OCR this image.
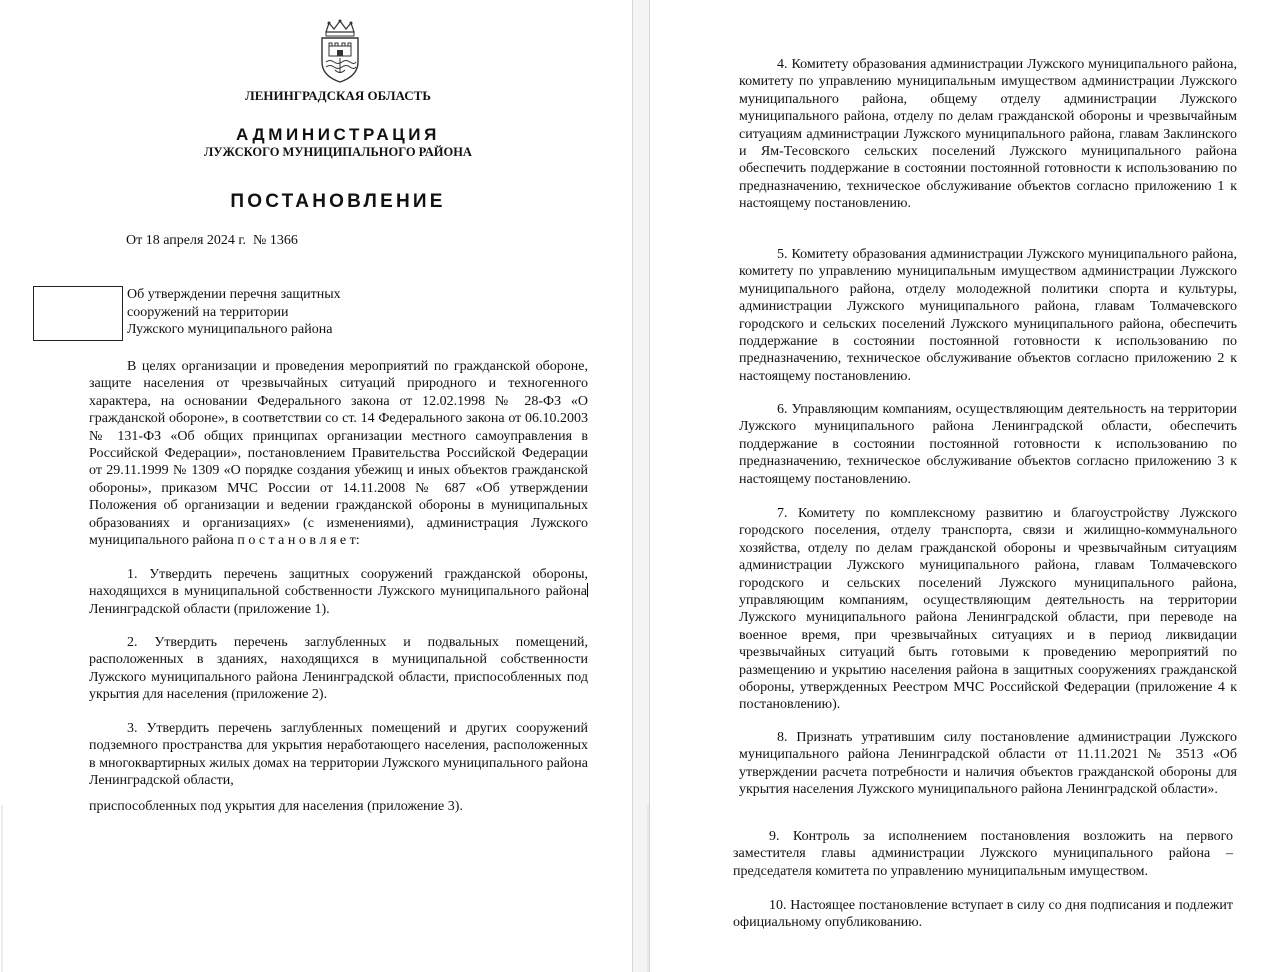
ЛЕНИНГРАДСКАЯ ОБЛАСТЬ
АДМИНИСТРАЦИЯ
ЛУЖСКОГО МУНИЦИПАЛЬНОГО РАЙОНА
ПОСТАНОВЛЕНИЕ
От 18 апреля 2024 г.  № 1366
Об утверждении перечня защитных
сооружений на территории
Лужского муниципального района
В целях организации и проведения мероприятий по гражданской обороне, защите населения от чрезвычайных ситуаций природного и техногенного характера, на основании Федерального закона от 12.02.1998 № 28-ФЗ «О гражданской обороне», в соответствии со ст. 14 Федерального закона от 06.10.2003 № 131-ФЗ «Об общих принципах организации местного самоуправления в Российской Федерации», постановлением Правительства Российской Федерации от 29.11.1999 № 1309 «О порядке создания убежищ и иных объектов гражданской обороны», приказом МЧС России от 14.11.2008 № 687 «Об утверждении Положения об организации и ведении гражданской обороны в муниципальных образованиях и организациях» (с изменениями), администрация Лужского муниципального района п о с т а н о в л я е т:
1. Утвердить перечень защитных сооружений гражданской обороны, находящихся в муниципальной собственности Лужского муниципального района Ленинградской области (приложение 1).
2. Утвердить перечень заглубленных и подвальных помещений, расположенных в зданиях, находящихся в муниципальной собственности Лужского муниципального района Ленинградской области, приспособленных под укрытия для населения (приложение 2).
3. Утвердить перечень заглубленных помещений и других сооружений подземного пространства для укрытия неработающего населения, расположенных в многоквартирных жилых домах на территории Лужского муниципального района Ленинградской области,
приспособленных под укрытия для населения (приложение 3).
4. Комитету образования администрации Лужского муниципального района, комитету по управлению муниципальным имуществом администрации Лужского муниципального района, общему отделу администрации Лужского муниципального района, отделу по делам гражданской обороны и чрезвычайным ситуациям администрации Лужского муниципального района, главам Заклинского и Ям-Тесовского сельских поселений Лужского муниципального района обеспечить поддержание в состоянии постоянной готовности к использованию по предназначению, техническое обслуживание объектов согласно приложению 1 к настоящему постановлению.
5. Комитету образования администрации Лужского муниципального района, комитету по управлению муниципальным имуществом администрации Лужского муниципального района, отделу молодежной политики спорта и культуры, администрации Лужского муниципального района, главам Толмачевского городского и сельских поселений Лужского муниципального района, обеспечить поддержание в состоянии постоянной готовности к использованию по предназначению, техническое обслуживание объектов согласно приложению 2 к настоящему постановлению.
6. Управляющим компаниям, осуществляющим деятельность на территории Лужского муниципального района Ленинградской области, обеспечить поддержание в состоянии постоянной готовности к использованию по предназначению, техническое обслуживание объектов согласно приложению 3 к настоящему постановлению.
7. Комитету по комплексному развитию и благоустройству Лужского городского поселения, отделу транспорта, связи и жилищно-коммунального хозяйства, отделу по делам гражданской обороны и чрезвычайным ситуациям администрации Лужского муниципального района, главам Толмачевского городского и сельских поселений Лужского муниципального района, управляющим компаниям, осуществляющим деятельность на территории Лужского муниципального района Ленинградской области, при переводе на военное время, при чрезвычайных ситуациях и в период ликвидации чрезвычайных ситуаций быть готовыми к проведению мероприятий по размещению и укрытию населения района в защитных сооружениях гражданской обороны, утвержденных Реестром МЧС Российской Федерации (приложение 4 к постановлению).
8. Признать утратившим силу постановление администрации Лужского муниципального района Ленинградской области от 11.11.2021 № 3513 «Об утверждении расчета потребности и наличия объектов гражданской обороны для укрытия населения Лужского муниципального района Ленинградской области».
9. Контроль за исполнением постановления возложить на первого заместителя главы администрации Лужского муниципального района – председателя комитета по управлению муниципальным имуществом.
10. Настоящее постановление вступает в силу со дня подписания и подлежит официальному опубликованию.
